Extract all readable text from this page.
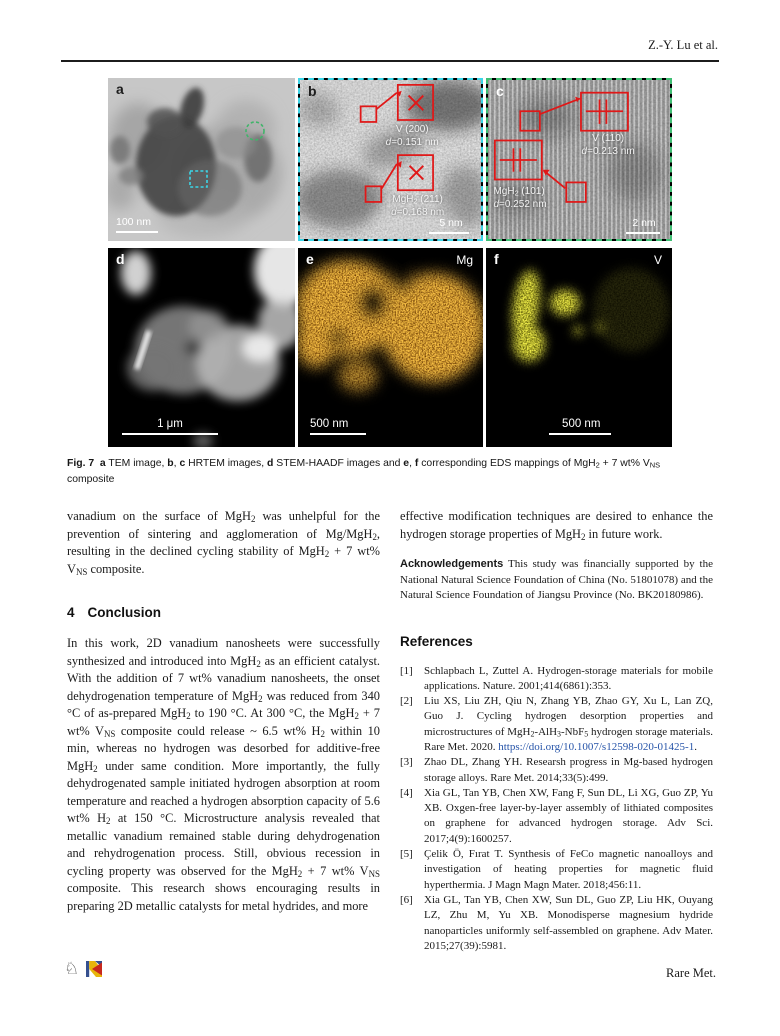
Z.-Y. Lu et al.
a
100 nm
b
V (200)
d=0.151 nm
MgH$_2$ (211)
d=0.168 nm
5 nm
c
V (110)
d=0.213 nm
MgH$_2$ (101)
d=0.252 nm
2 nm
d
1 μm
e	Mg
500 nm
f	V
500 nm
Fig. 7 a TEM image, b, c HRTEM images, d STEM-HAADF images and e, f corresponding EDS mappings of MgH$_2$ + 7 wt% $V_{NS}$
composite

vanadium on the surface of MgH$_2$ was unhelpful for the prevention of sintering and agglomeration of Mg/MgH$_2$, resulting in the declined cycling stability of MgH$_2$ + 7 wt% $V_{NS}$ composite.

4 Conclusion

In this work, 2D vanadium nanosheets were successfully synthesized and introduced into MgH$_2$ as an efficient catalyst. With the addition of 7 wt% vanadium nanosheets, the onset dehydrogenation temperature of MgH$_2$ was reduced from 340 °C of as-prepared MgH$_2$ to 190 °C. At 300 °C, the MgH$_2$ + 7 wt% $V_{NS}$ composite could release ~ 6.5 wt% $H_2$ within 10 min, whereas no hydrogen was desorbed for additive-free MgH$_2$ under same condition. More importantly, the fully dehydrogenated sample initiated hydrogen absorption at room temperature and reached a hydrogen absorption capacity of 5.6 wt% $H_2$ at 150 °C. Microstructure analysis revealed that metallic vanadium remained stable during dehydrogenation and rehydrogenation process. Still, obvious recession in cycling property was observed for the MgH$_2$ + 7 wt% $V_{NS}$ composite. This research shows encouraging results in preparing 2D metallic catalysts for metal hydrides, and more

effective modification techniques are desired to enhance the hydrogen storage properties of MgH$_2$ in future work.

Acknowledgements This study was financially supported by the National Natural Science Foundation of China (No. 51801078) and the Natural Science Foundation of Jiangsu Province (No. BK20180986).

References
[1]	Schlapbach L, Zuttel A. Hydrogen-storage materials for mobile applications. Nature. 2001;414(6861):353.
[2]	Liu XS, Liu ZH, Qiu N, Zhang YB, Zhao GY, Xu L, Lan ZQ, Guo J. Cycling hydrogen desorption properties and microstructures of MgH$_2$-AlH$_3$-NbF$_5$ hydrogen storage materials. Rare Met. 2020. https://doi.org/10.1007/s12598-020-01425-1.
[3]	Zhao DL, Zhang YH. Researsh progress in Mg-based hydrogen storage alloys. Rare Met. 2014;33(5):499.
[4]	Xia GL, Tan YB, Chen XW, Fang F, Sun DL, Li XG, Guo ZP, Yu XB. Oxgen-free layer-by-layer assembly of lithiated composites on graphene for advanced hydrogen storage. Adv Sci. 2017;4(9):1600257.
[5]	Çelik Ö, Fırat T. Synthesis of FeCo magnetic nanoalloys and investigation of heating properties for magnetic fluid hyperthermia. J Magn Magn Mater. 2018;456:11.
[6]	Xia GL, Tan YB, Chen XW, Sun DL, Guo ZP, Liu HK, Ouyang LZ, Zhu M, Yu XB. Monodisperse magnesium hydride nanoparticles uniformly self-assembled on graphene. Adv Mater. 2015;27(39):5981.
♘	Rare Met.
